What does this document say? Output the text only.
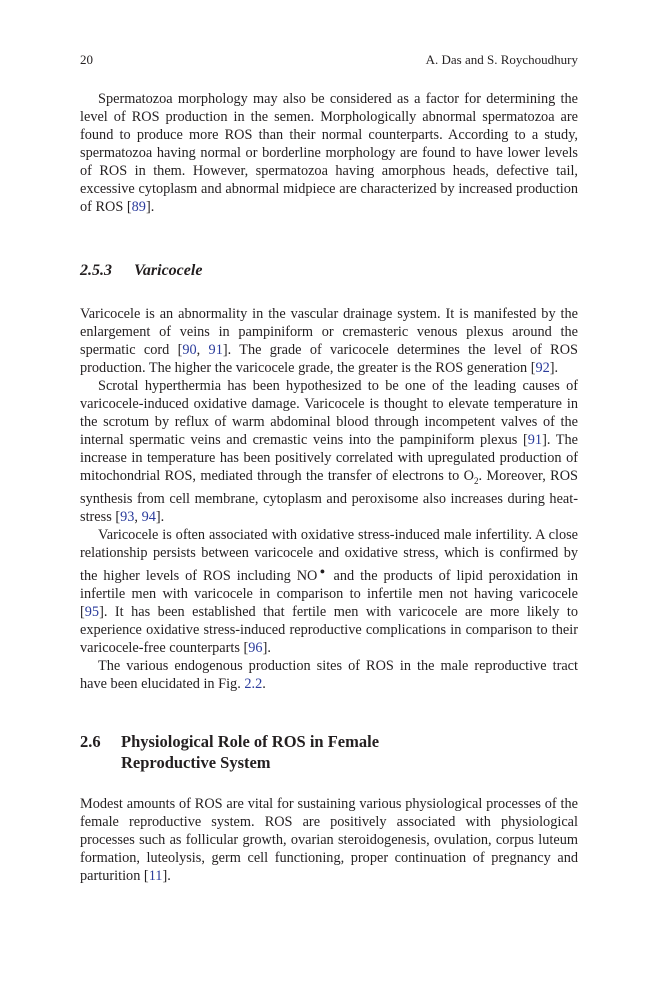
20	A. Das and S. Roychoudhury

Spermatozoa morphology may also be considered as a factor for determining the level of ROS production in the semen. Morphologically abnormal spermatozoa are found to produce more ROS than their normal counterparts. According to a study, spermatozoa having normal or borderline morphology are found to have lower levels of ROS in them. However, spermatozoa having amorphous heads, defective tail, excessive cytoplasm and abnormal midpiece are characterized by increased production of ROS [89].

2.5.3 Varicocele

Varicocele is an abnormality in the vascular drainage system. It is manifested by the enlargement of veins in pampiniform or cremasteric venous plexus around the spermatic cord [90, 91]. The grade of varicocele determines the level of ROS production. The higher the varicocele grade, the greater is the ROS generation [92].

Scrotal hyperthermia has been hypothesized to be one of the leading causes of varicocele-induced oxidative damage. Varicocele is thought to elevate temperature in the scrotum by reflux of warm abdominal blood through incompetent valves of the internal spermatic veins and cremastic veins into the pampiniform plexus [91]. The increase in temperature has been positively correlated with upregulated production of mitochondrial ROS, mediated through the transfer of electrons to $O_2$. Moreover, ROS synthesis from cell membrane, cytoplasm and peroxisome also increases during heat-stress [93, 94].

Varicocele is often associated with oxidative stress-induced male infertility. A close relationship persists between varicocele and oxidative stress, which is confirmed by the higher levels of ROS including NO● and the products of lipid peroxidation in infertile men with varicocele in comparison to infertile men not having varicocele [95]. It has been established that fertile men with varicocele are more likely to experience oxidative stress-induced reproductive complications in comparison to their varicocele-free counterparts [96].

The various endogenous production sites of ROS in the male reproductive tract have been elucidated in Fig. 2.2.

2.6 Physiological Role of ROS in Female Reproductive System

Modest amounts of ROS are vital for sustaining various physiological processes of the female reproductive system. ROS are positively associated with physiological processes such as follicular growth, ovarian steroidogenesis, ovulation, corpus luteum formation, luteolysis, germ cell functioning, proper continuation of pregnancy and parturition [11].
